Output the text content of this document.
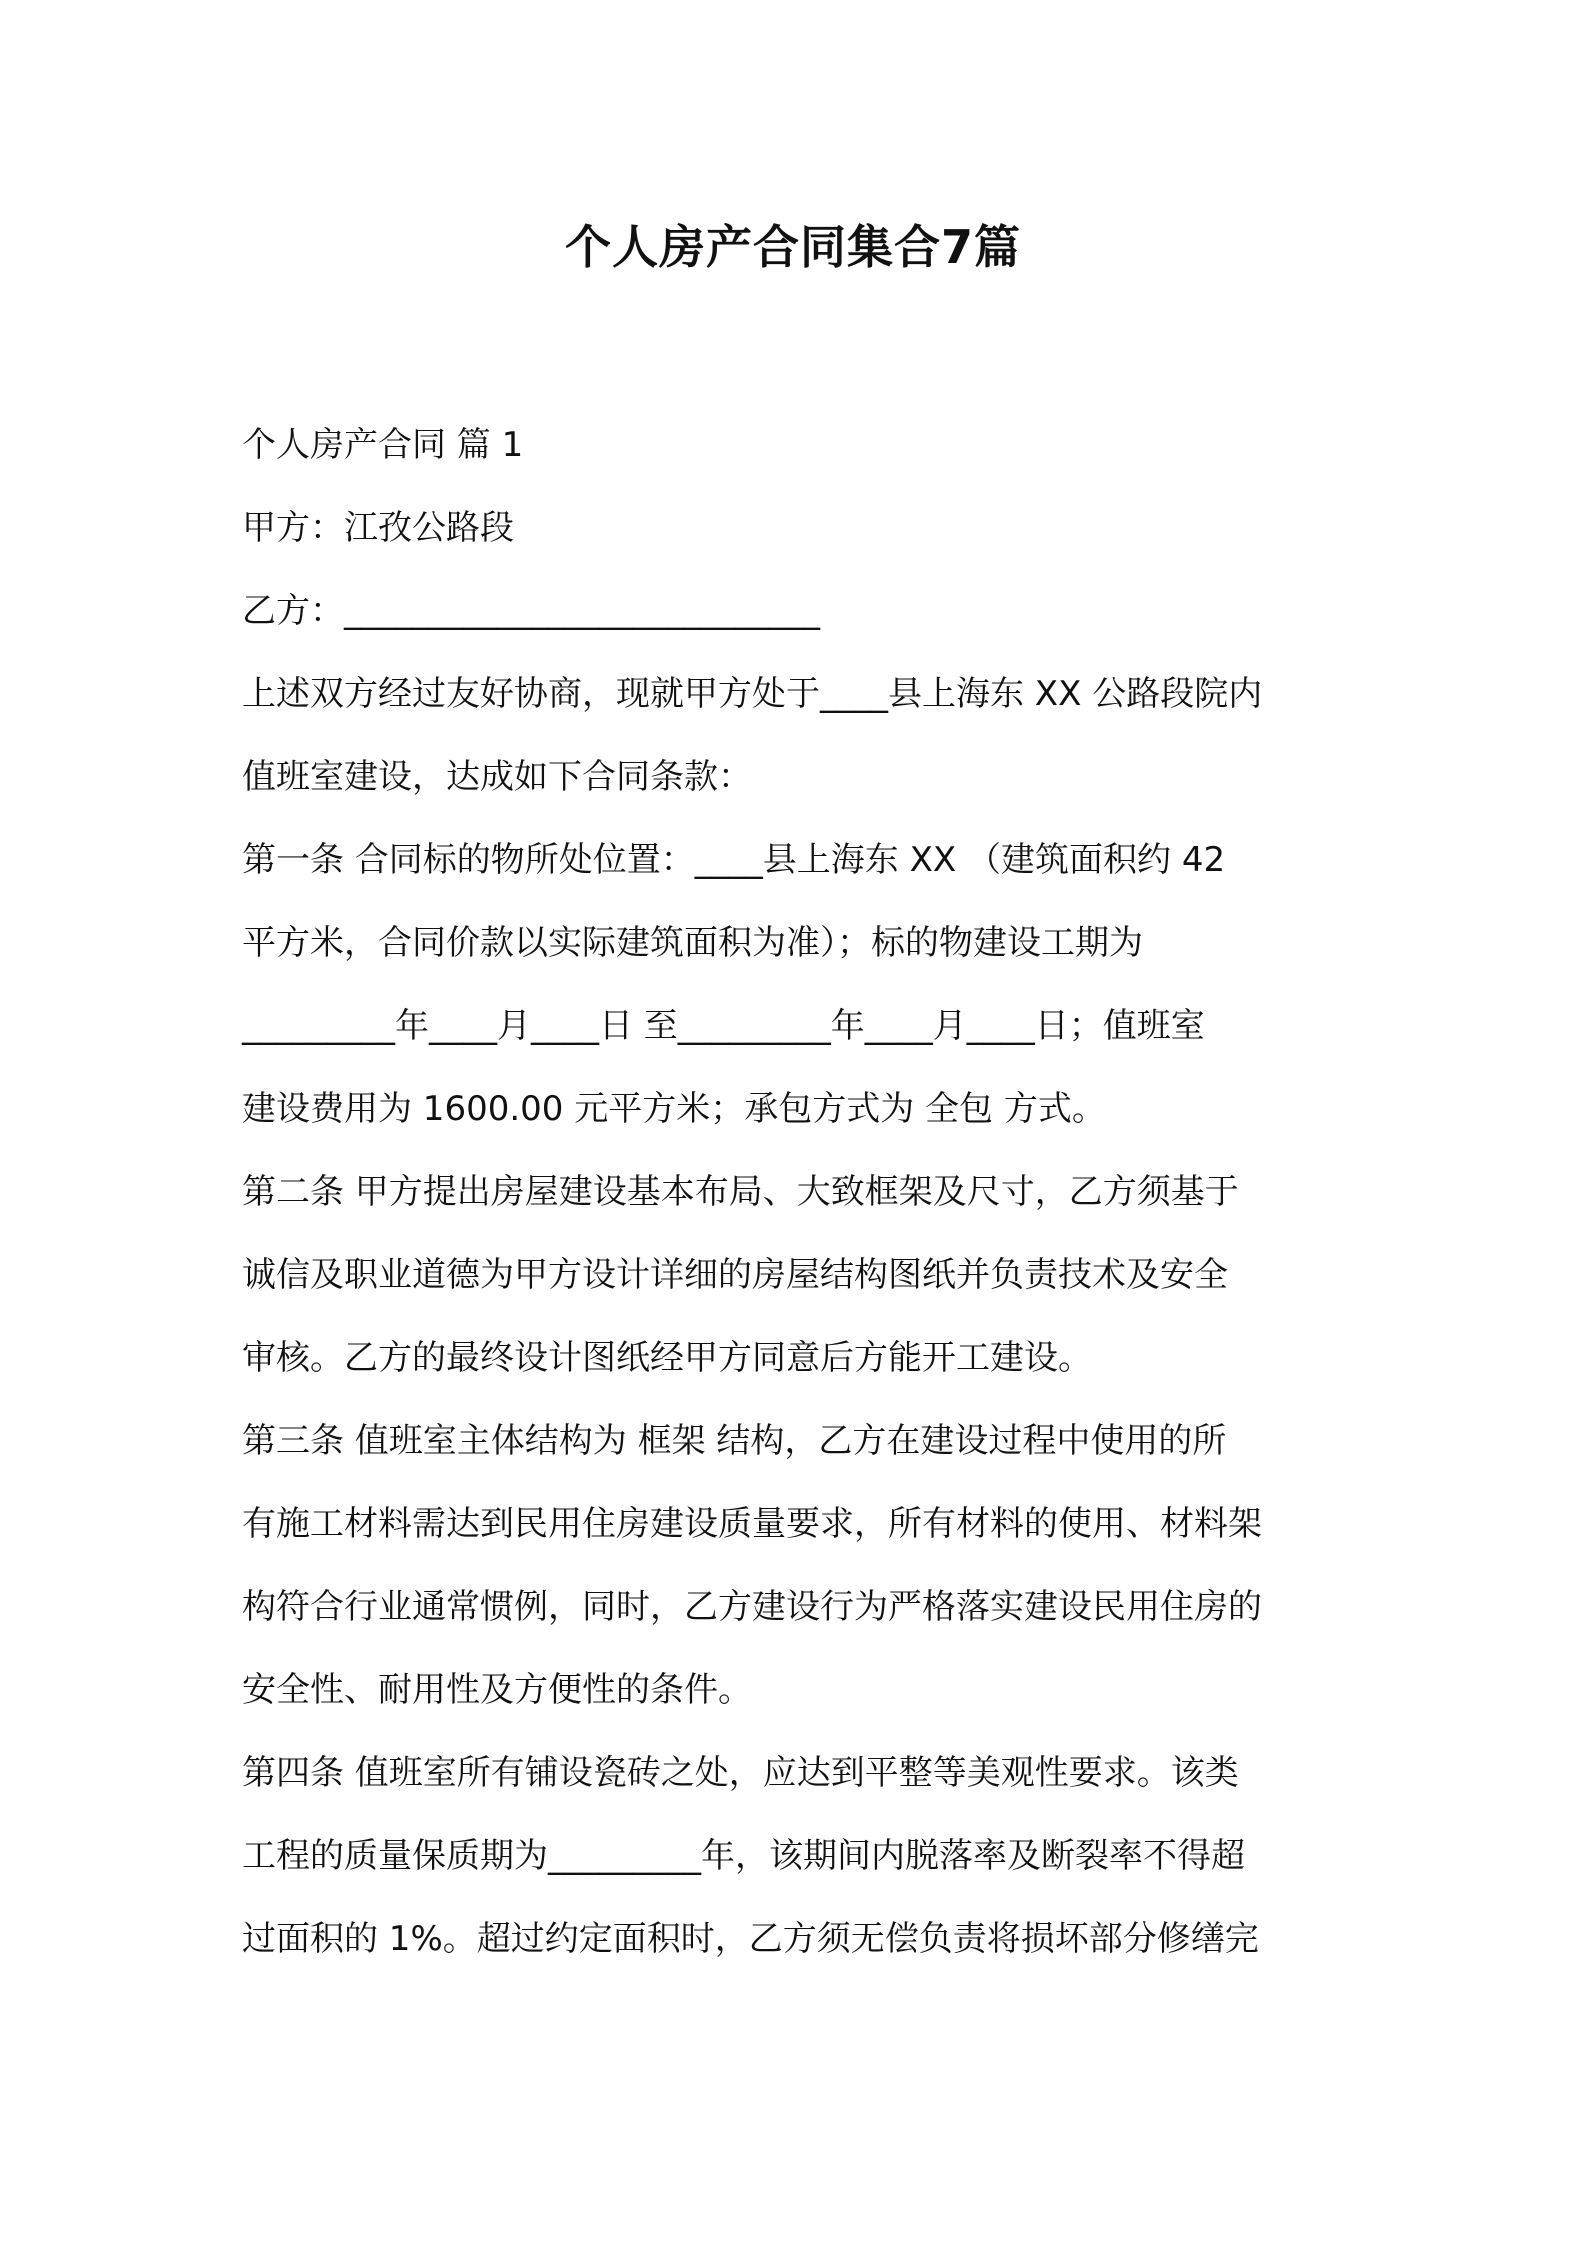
个人房产合同集合7篇
个人房产合同 篇 1
甲方：江孜公路段
乙方：____________________________
上述双方经过友好协商，现就甲方处于____县上海东 XX 公路段院内
值班室建设，达成如下合同条款：
第一条 合同标的物所处位置：____县上海东 XX （建筑面积约 42
平方米，合同价款以实际建筑面积为准）；标的物建设工期为
_________年____月____日 至_________年____月____日；值班室
建设费用为 1600.00 元平方米；承包方式为 全包 方式。
第二条 甲方提出房屋建设基本布局、大致框架及尺寸，乙方须基于
诚信及职业道德为甲方设计详细的房屋结构图纸并负责技术及安全
审核。乙方的最终设计图纸经甲方同意后方能开工建设。
第三条 值班室主体结构为 框架 结构，乙方在建设过程中使用的所
有施工材料需达到民用住房建设质量要求，所有材料的使用、材料架
构符合行业通常惯例，同时，乙方建设行为严格落实建设民用住房的
安全性、耐用性及方便性的条件。
第四条 值班室所有铺设瓷砖之处，应达到平整等美观性要求。该类
工程的质量保质期为_________年，该期间内脱落率及断裂率不得超
过面积的 1%。超过约定面积时，乙方须无偿负责将损坏部分修缮完
